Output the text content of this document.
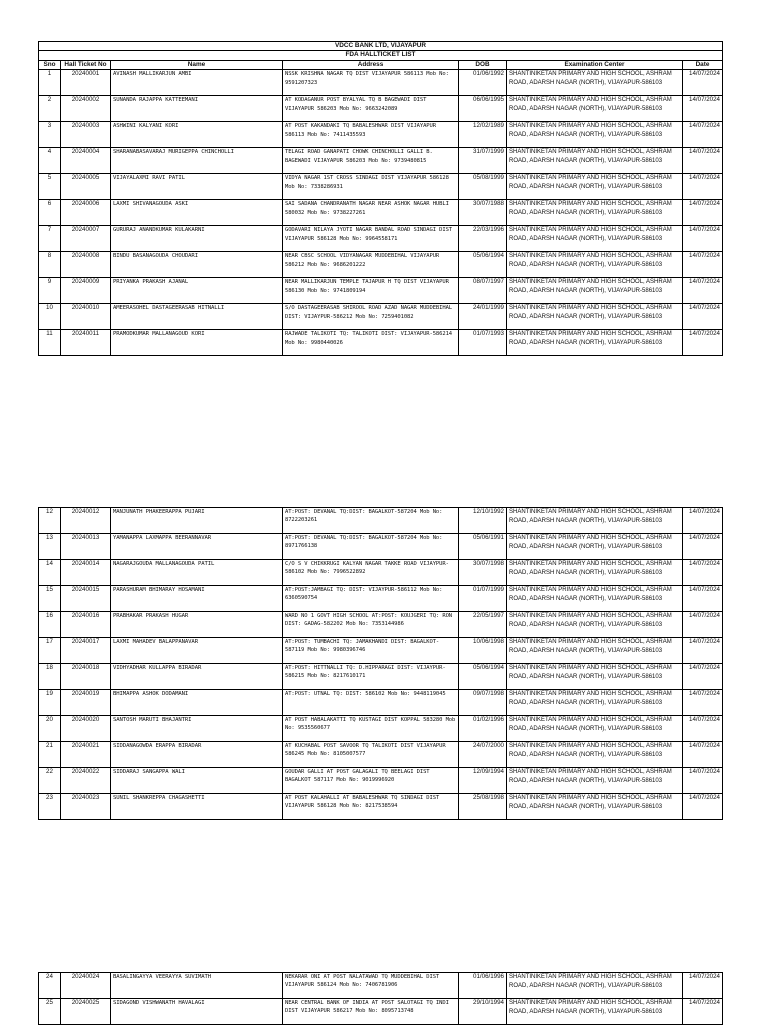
VDCC BANK LTD, VIJAYAPUR						
FDA HALLTICKET LIST						
Sno	Hall Ticket No	Name	Address	DOB	Examination Center	Date
1	20240001	AVINASH MALLIKARJUN AMBI	NSSK KRISHNA NAGAR TQ DIST VIJAYAPUR 586113 Mob No: 9591207323	01/06/1992	SHANTINIKETAN PRIMARY AND HIGH SCHOOL, ASHRAM ROAD, ADARSH NAGAR (NORTH), VIJAYAPUR-586103	14/07/2024
2	20240002	SUNANDA RAJAPPA KATTEEMANI	AT KODAGANUR POST BYALYAL TQ B BAGEWADI DIST VIJAYAPUR 586203 Mob No: 9663242089	06/06/1995	SHANTINIKETAN PRIMARY AND HIGH SCHOOL, ASHRAM ROAD, ADARSH NAGAR (NORTH), VIJAYAPUR-586103	14/07/2024
3	20240003	ASHWINI KALYANI KORI	AT POST KAKANDAKI TQ BABALESHWAR DIST VIJAYAPUR 586113 Mob No: 7411435593	12/02/1989	SHANTINIKETAN PRIMARY AND HIGH SCHOOL, ASHRAM ROAD, ADARSH NAGAR (NORTH), VIJAYAPUR-586103	14/07/2024
4	20240004	SHARANABASAVARAJ MURIGEPPA CHINCHOLLI	TELAGI ROAD GANAPATI CHOWK CHINCHOLLI GALLI B. BAGEWADI VIJAYAPUR 586203 Mob No: 9739480815	31/07/1999	SHANTINIKETAN PRIMARY AND HIGH SCHOOL, ASHRAM ROAD, ADARSH NAGAR (NORTH), VIJAYAPUR-586103	14/07/2024
5	20240005	VIJAYALAXMI RAVI PATIL	VIDYA NAGAR 1ST CROSS SINDAGI DIST VIJAYAPUR 586128 Mob No: 7338286931	05/08/1999	SHANTINIKETAN PRIMARY AND HIGH SCHOOL, ASHRAM ROAD, ADARSH NAGAR (NORTH), VIJAYAPUR-586103	14/07/2024
6	20240006	LAXMI SHIVANAGOUDA ASKI	SAI SADANA CHANDRANATH NAGAR NEAR ASHOK NAGAR HUBLI 580032 Mob No: 9738227261	30/07/1988	SHANTINIKETAN PRIMARY AND HIGH SCHOOL, ASHRAM ROAD, ADARSH NAGAR (NORTH), VIJAYAPUR-586103	14/07/2024
7	20240007	GURURAJ ANANDKUMAR KULAKARNI	GODAVARI NILAYA JYOTI NAGAR BANDAL ROAD SINDAGI DIST VIJAYAPUR 586128 Mob No: 9964558171	22/03/1996	SHANTINIKETAN PRIMARY AND HIGH SCHOOL, ASHRAM ROAD, ADARSH NAGAR (NORTH), VIJAYAPUR-586103	14/07/2024
8	20240008	BINDU BASANAGOUDA CHOUDARI	NEAR CBSC SCHOOL VIDYANAGAR MUDDEBIHAL VIJAYAPUR 586212 Mob No: 9686201222	05/06/1994	SHANTINIKETAN PRIMARY AND HIGH SCHOOL, ASHRAM ROAD, ADARSH NAGAR (NORTH), VIJAYAPUR-586103	14/07/2024
9	20240009	PRIYANKA PRAKASH AJANAL	NEAR MALLIKARJUN TEMPLE TAJAPUR H TQ DIST VIJAYAPUR 586130 Mob No: 9741809194	08/07/1997	SHANTINIKETAN PRIMARY AND HIGH SCHOOL, ASHRAM ROAD, ADARSH NAGAR (NORTH), VIJAYAPUR-586103	14/07/2024
10	20240010	AMEERASOHEL DASTAGEERASAB HITNALLI	S/O DASTAGEERASAB SHIROOL ROAD AZAD NAGAR MUDDEBIHAL DIST: VIJAYPUR-586212 Mob No: 7259401082	24/01/1999	SHANTINIKETAN PRIMARY AND HIGH SCHOOL, ASHRAM ROAD, ADARSH NAGAR (NORTH), VIJAYAPUR-586103	14/07/2024
11	20240011	PRAMODKUMAR MALLANAGOUD KORI	RAJWADE TALIKOTI TQ: TALIKOTI DIST: VIJAYAPUR-586214 Mob No: 9980440026	01/07/1993	SHANTINIKETAN PRIMARY AND HIGH SCHOOL, ASHRAM ROAD, ADARSH NAGAR (NORTH), VIJAYAPUR-586103	14/07/2024
12	20240012	MANJUNATH PHAKEERAPPA PUJARI	AT:POST: DEVANAL TQ:DIST: BAGALKOT-587204 Mob No: 8722203261	12/10/1992	SHANTINIKETAN PRIMARY AND HIGH SCHOOL, ASHRAM ROAD, ADARSH NAGAR (NORTH), VIJAYAPUR-586103	14/07/2024
13	20240013	YAMANAPPA LAXMAPPA BEERANNAVAR	AT:POST: DEVANAL TQ:DIST: BAGALKOT-587204 Mob No: 8971766138	05/06/1991	SHANTINIKETAN PRIMARY AND HIGH SCHOOL, ASHRAM ROAD, ADARSH NAGAR (NORTH), VIJAYAPUR-586103	14/07/2024
14	20240014	NAGARAJGOUDA MALLANAGOUDA PATIL	C/O S V CHIKKRUGI KALYAN NAGAR TAKKE ROAD VIJAYPUR-586102 Mob No: 7996522892	30/07/1998	SHANTINIKETAN PRIMARY AND HIGH SCHOOL, ASHRAM ROAD, ADARSH NAGAR (NORTH), VIJAYAPUR-586103	14/07/2024
15	20240015	PARASHURAM BHIMARAY HOSAMANI	AT:POST:JAMBAGI TQ: DIST: VIJAYPUR-586112 Mob No: 6360590754	01/07/1999	SHANTINIKETAN PRIMARY AND HIGH SCHOOL, ASHRAM ROAD, ADARSH NAGAR (NORTH), VIJAYAPUR-586103	14/07/2024
16	20240016	PRABHAKAR PRAKASH HUGAR	WARD NO 1 GOVT HIGH SCHOOL AT:POST: KOUJGERI TQ: RON DIST: GADAG-582202 Mob No: 7353144986	22/05/1997	SHANTINIKETAN PRIMARY AND HIGH SCHOOL, ASHRAM ROAD, ADARSH NAGAR (NORTH), VIJAYAPUR-586103	14/07/2024
17	20240017	LAXMI MAHADEV BALAPPANAVAR	AT:POST: TUMBACHI TQ: JAMAKHANDI DIST: BAGALKOT-587119 Mob No: 9980396746	10/06/1998	SHANTINIKETAN PRIMARY AND HIGH SCHOOL, ASHRAM ROAD, ADARSH NAGAR (NORTH), VIJAYAPUR-586103	14/07/2024
18	20240018	VIDHYADHAR KULLAPPA BIRADAR	AT:POST: HITTNALLI TQ: D.HIPPARAGI DIST: VIJAYPUR-586215 Mob No: 8217610171	05/06/1994	SHANTINIKETAN PRIMARY AND HIGH SCHOOL, ASHRAM ROAD, ADARSH NAGAR (NORTH), VIJAYAPUR-586103	14/07/2024
19	20240019	BHIMAPPA ASHOK DODAMANI	AT:POST: UTNAL TQ: DIST: 586102 Mob No: 9448119045	09/07/1998	SHANTINIKETAN PRIMARY AND HIGH SCHOOL, ASHRAM ROAD, ADARSH NAGAR (NORTH), VIJAYAPUR-586103	14/07/2024
20	20240020	SANTOSH MARUTI BHAJANTRI	AT POST HABALAKATTI TQ KUSTAGI DIST KOPPAL 583280 Mob No: 9535560677	01/02/1996	SHANTINIKETAN PRIMARY AND HIGH SCHOOL, ASHRAM ROAD, ADARSH NAGAR (NORTH), VIJAYAPUR-586103	14/07/2024
21	20240021	SIDDANAGOWDA ERAPPA BIRADAR	AT KUCHABAL POST SAVOOR TQ TALIKOTI DIST VIJAYAPUR 586245 Mob No: 8105007577	24/07/2000	SHANTINIKETAN PRIMARY AND HIGH SCHOOL, ASHRAM ROAD, ADARSH NAGAR (NORTH), VIJAYAPUR-586103	14/07/2024
22	20240022	SIDDARAJ SANGAPPA WALI	GOUDAR GALLI AT POST GALAGALI TQ BEELAGI DIST BAGALKOT 587117 Mob No: 9019996920	12/09/1994	SHANTINIKETAN PRIMARY AND HIGH SCHOOL, ASHRAM ROAD, ADARSH NAGAR (NORTH), VIJAYAPUR-586103	14/07/2024
23	20240023	SUNIL SHANKREPPA CHAGASHETTI	AT POST KALAHALLI AT BABALESHWAR TQ SINDAGI DIST VIJAYAPUR 586128 Mob No: 8217538594	25/08/1998	SHANTINIKETAN PRIMARY AND HIGH SCHOOL, ASHRAM ROAD, ADARSH NAGAR (NORTH), VIJAYAPUR-586103	14/07/2024
24	20240024	BASALINGAYYA VEERAYYA SUVIMATH	NEKARAR ONI AT POST NALATAWAD TQ MUDDEBIHAL DIST VIJAYAPUR 586124 Mob No: 7406781906	01/06/1996	SHANTINIKETAN PRIMARY AND HIGH SCHOOL, ASHRAM ROAD, ADARSH NAGAR (NORTH), VIJAYAPUR-586103	14/07/2024
25	20240025	SIDAGOND VISHWANATH HAVALAGI	NEAR CENTRAL BANK OF INDIA AT POST SALOTAGI TQ INDI DIST VIJAYAPUR 586217 Mob No: 8095713748	29/10/1994	SHANTINIKETAN PRIMARY AND HIGH SCHOOL, ASHRAM ROAD, ADARSH NAGAR (NORTH), VIJAYAPUR-586103	14/07/2024
